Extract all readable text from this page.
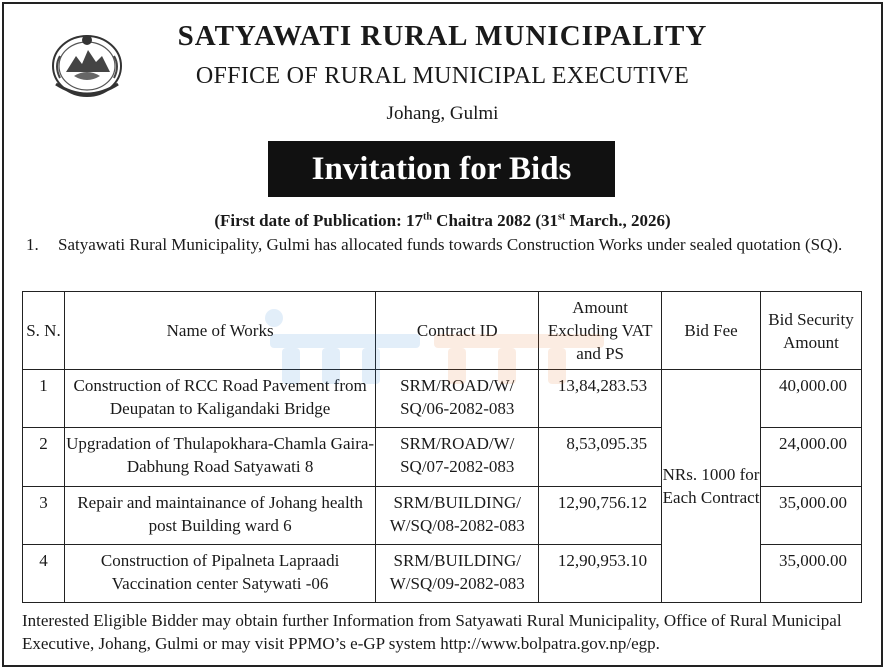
SATYAWATI RURAL MUNICIPALITY
OFFICE OF RURAL MUNICIPAL EXECUTIVE
Johang, Gulmi
Invitation for Bids
(First date of Publication: 17th Chaitra 2082 (31st March., 2026)
1.	Satyawati Rural Municipality, Gulmi has allocated funds towards Construction Works under sealed quotation (SQ).
S. N.	Name of Works	Contract ID	Amount Excluding VAT and PS	Bid Fee	Bid Security Amount
1	Construction of RCC Road Pavement from Deupatan to Kaligandaki Bridge	SRM/ROAD/W/ SQ/06-2082-083	13,84,283.53	NRs. 1000 for Each Contract	40,000.00
2	Upgradation of Thulapokhara-Chamla Gaira-Dabhung Road Satyawati 8	SRM/ROAD/W/ SQ/07-2082-083	8,53,095.35		24,000.00
3	Repair and maintainance of Johang health post Building ward 6	SRM/BUILDING/ W/SQ/08-2082-083	12,90,756.12		35,000.00
4	Construction of Pipalneta Lapraadi Vaccination center Satywati -06	SRM/BUILDING/ W/SQ/09-2082-083	12,90,953.10		35,000.00
Interested Eligible Bidder may obtain further Information from Satyawati Rural Municipality, Office of Rural Municipal Executive, Johang, Gulmi or may visit PPMO’s e-GP system http://www.bolpatra.gov.np/egp.
